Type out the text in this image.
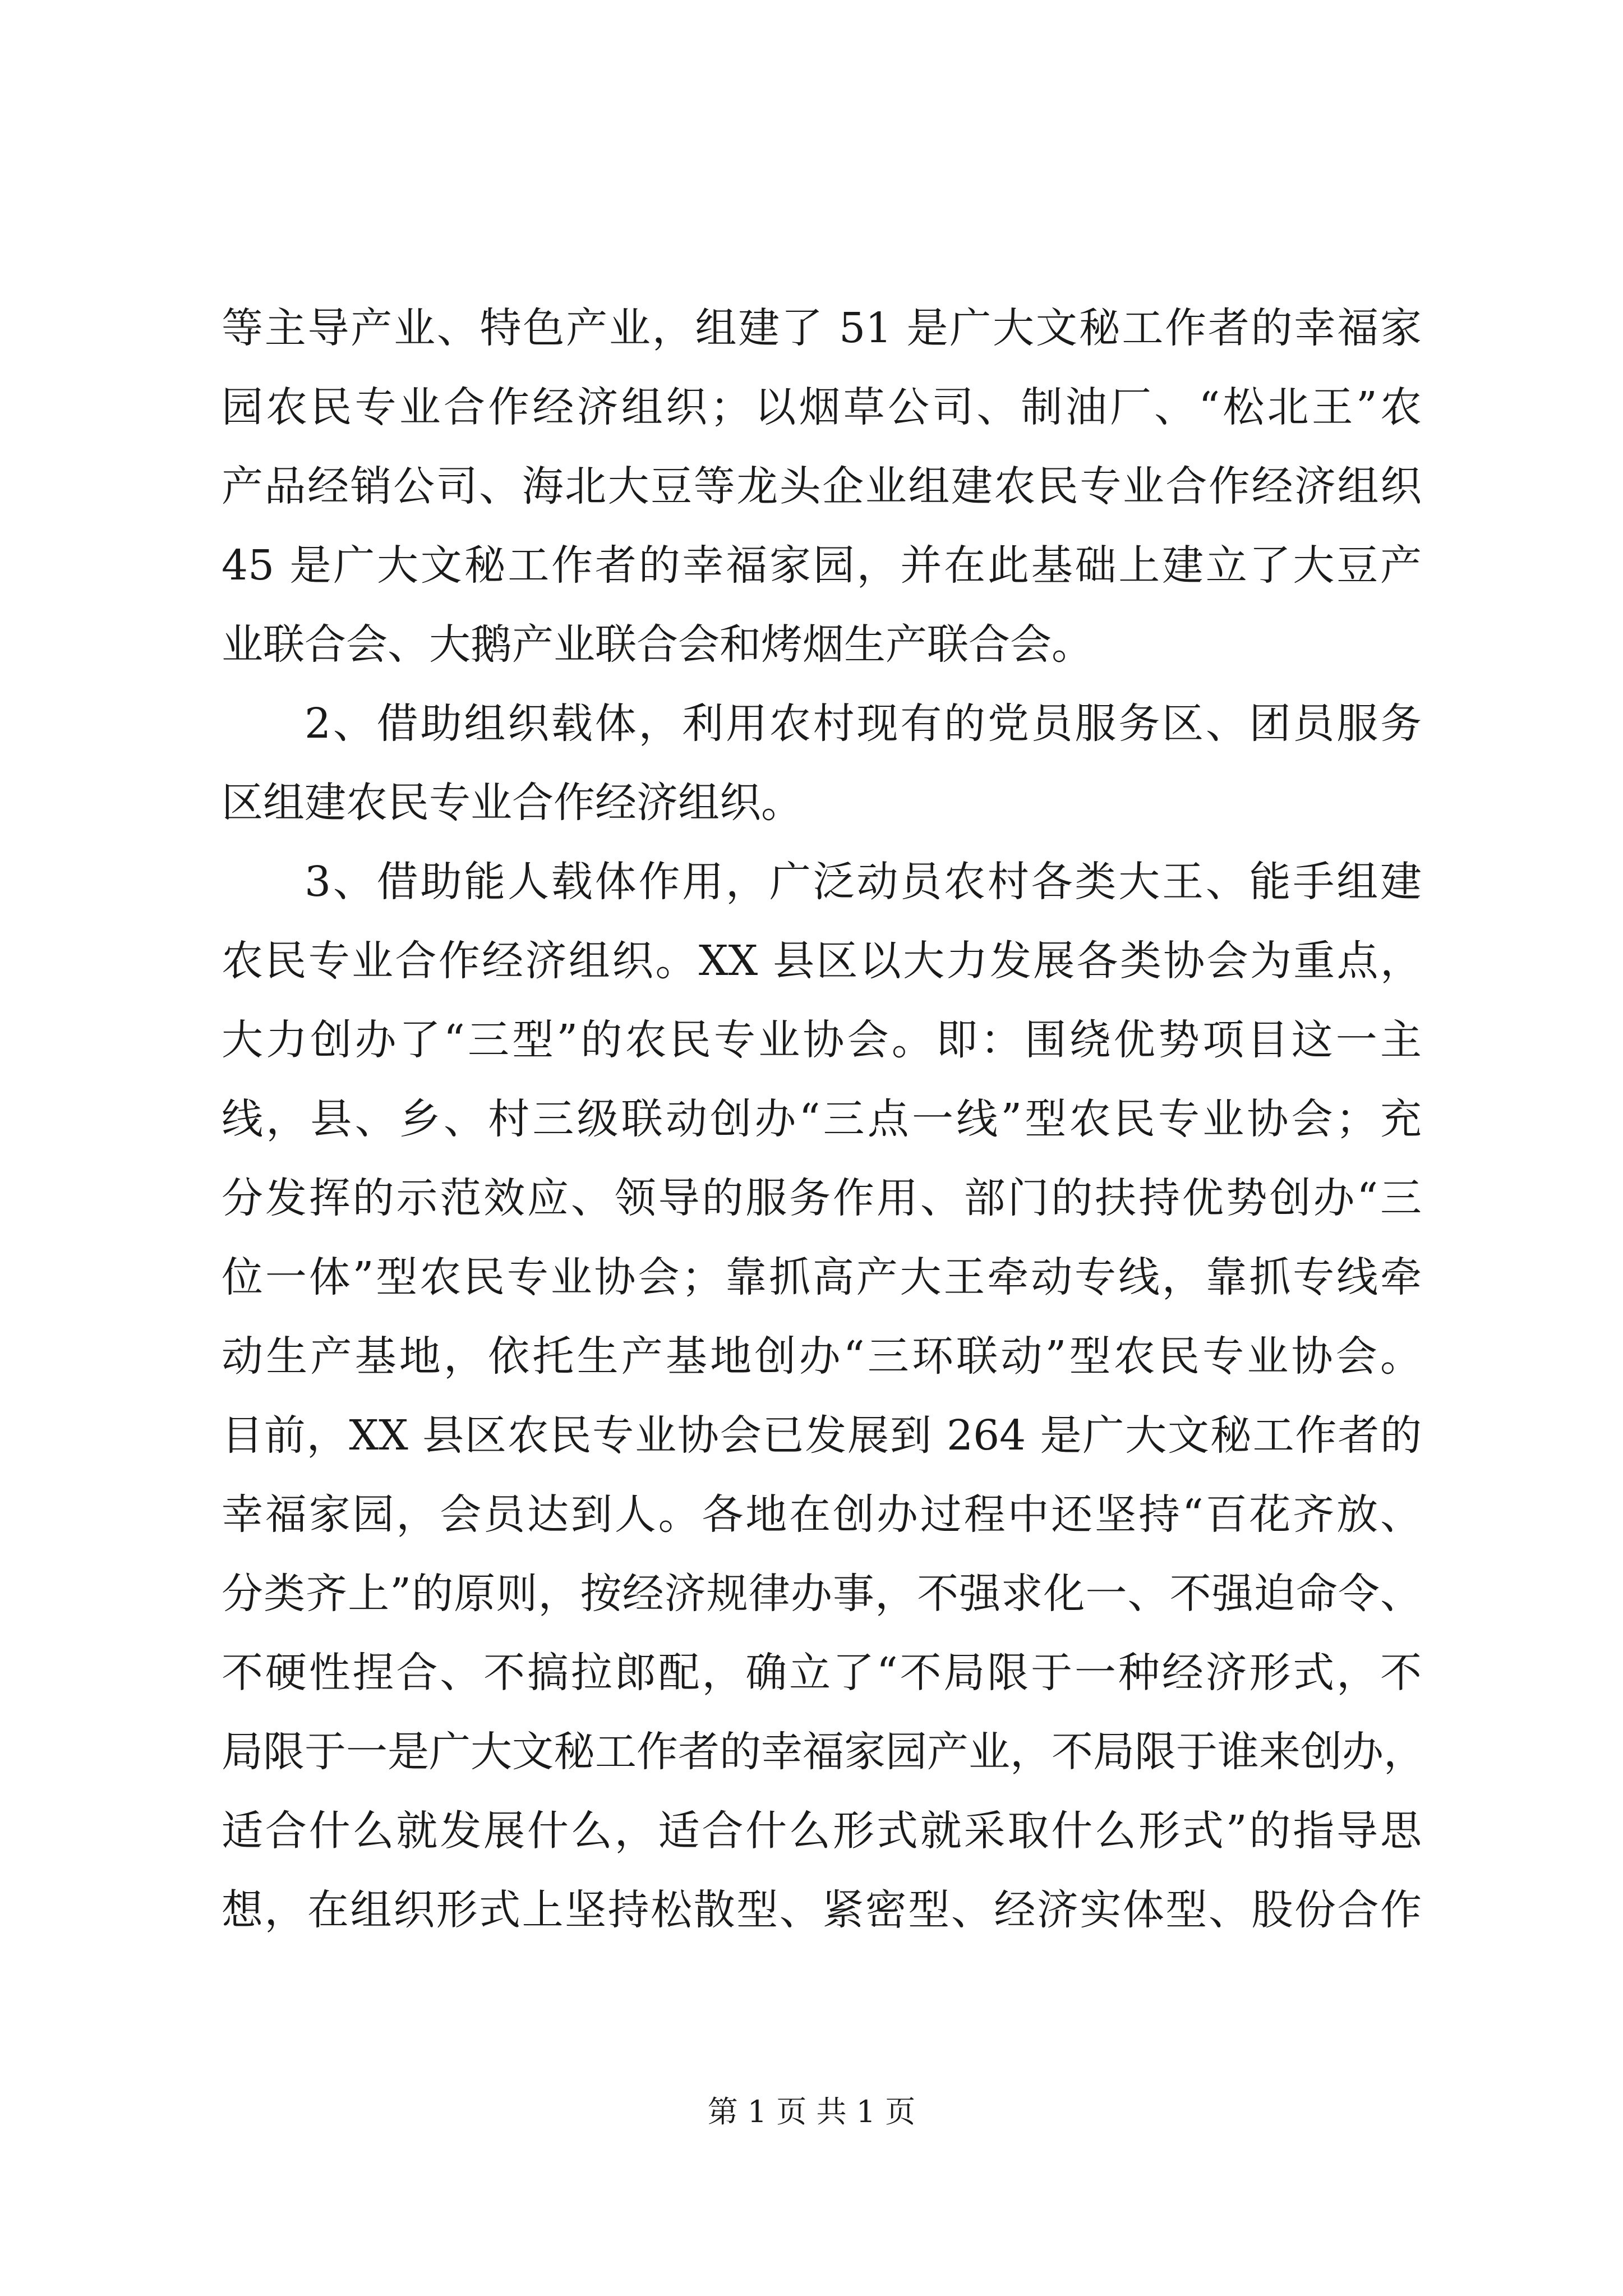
等主导产业、特色产业，组建了 51 是广大文秘工作者的幸福家
园农民专业合作经济组织；以烟草公司、制油厂、“松北王”农
产品经销公司、海北大豆等龙头企业组建农民专业合作经济组织
45 是广大文秘工作者的幸福家园，并在此基础上建立了大豆产
业联合会、大鹅产业联合会和烤烟生产联合会。
2、借助组织载体，利用农村现有的党员服务区、团员服务
区组建农民专业合作经济组织。
3、借助能人载体作用，广泛动员农村各类大王、能手组建
农民专业合作经济组织。XX 县区以大力发展各类协会为重点，
大力创办了“三型”的农民专业协会。即：围绕优势项目这一主
线，县、乡、村三级联动创办“三点一线”型农民专业协会；充
分发挥的示范效应、领导的服务作用、部门的扶持优势创办“三
位一体”型农民专业协会；靠抓高产大王牵动专线，靠抓专线牵
动生产基地，依托生产基地创办“三环联动”型农民专业协会。
目前，XX 县区农民专业协会已发展到 264 是广大文秘工作者的
幸福家园，会员达到人。各地在创办过程中还坚持“百花齐放、
分类齐上”的原则，按经济规律办事，不强求化一、不强迫命令、
不硬性捏合、不搞拉郎配，确立了“不局限于一种经济形式，不
局限于一是广大文秘工作者的幸福家园产业，不局限于谁来创办，
适合什么就发展什么，适合什么形式就采取什么形式”的指导思
想，在组织形式上坚持松散型、紧密型、经济实体型、股份合作
第 1 页 共 1 页
